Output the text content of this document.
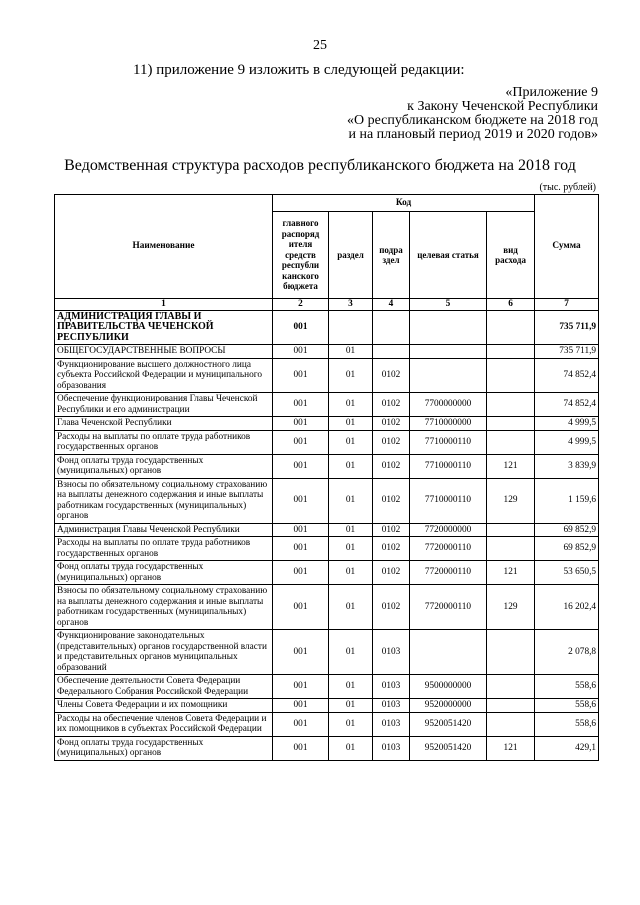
25
11) приложение 9 изложить в следующей редакции:
«Приложение 9
к Закону Чеченской Республики
«О республиканском бюджете на 2018 год
и на плановый период 2019 и 2020 годов»
Ведомственная структура расходов республиканского бюджета на 2018 год
(тыс. рублей)
Наименование	Код					Сумма
	главного распоряд ителя средств республи канского бюджета	раздел	подра здел	целевая статья	вид расхода	
1	2	3	4	5	6	7
АДМИНИСТРАЦИЯ ГЛАВЫ И ПРАВИТЕЛЬСТВА ЧЕЧЕНСКОЙ РЕСПУБЛИКИ	001					735 711,9
ОБЩЕГОСУДАРСТВЕННЫЕ ВОПРОСЫ	001	01				735 711,9
Функционирование высшего должностного лица субъекта Российской Федерации и муниципального образования	001	01	0102			74 852,4
Обеспечение функционирования Главы Чеченской Республики и его администрации	001	01	0102	7700000000		74 852,4
Глава Чеченской Республики	001	01	0102	7710000000		4 999,5
Расходы на выплаты по оплате труда работников государственных органов	001	01	0102	7710000110		4 999,5
Фонд оплаты труда государственных (муниципальных) органов	001	01	0102	7710000110	121	3 839,9
Взносы по обязательному социальному страхованию на выплаты денежного содержания и иные выплаты работникам государственных (муниципальных) органов	001	01	0102	7710000110	129	1 159,6
Администрация Главы Чеченской Республики	001	01	0102	7720000000		69 852,9
Расходы на выплаты по оплате труда работников государственных органов	001	01	0102	7720000110		69 852,9
Фонд оплаты труда государственных (муниципальных) органов	001	01	0102	7720000110	121	53 650,5
Взносы по обязательному социальному страхованию на выплаты денежного содержания и иные выплаты работникам государственных (муниципальных) органов	001	01	0102	7720000110	129	16 202,4
Функционирование законодательных (представительных) органов государственной власти и представительных органов муниципальных образований	001	01	0103			2 078,8
Обеспечение деятельности Совета Федерации Федерального Собрания Российской Федерации	001	01	0103	9500000000		558,6
Члены Совета Федерации и их помощники	001	01	0103	9520000000		558,6
Расходы на обеспечение членов Совета Федерации и их помощников в субъектах Российской Федерации	001	01	0103	9520051420		558,6
Фонд оплаты труда государственных (муниципальных) органов	001	01	0103	9520051420	121	429,1
